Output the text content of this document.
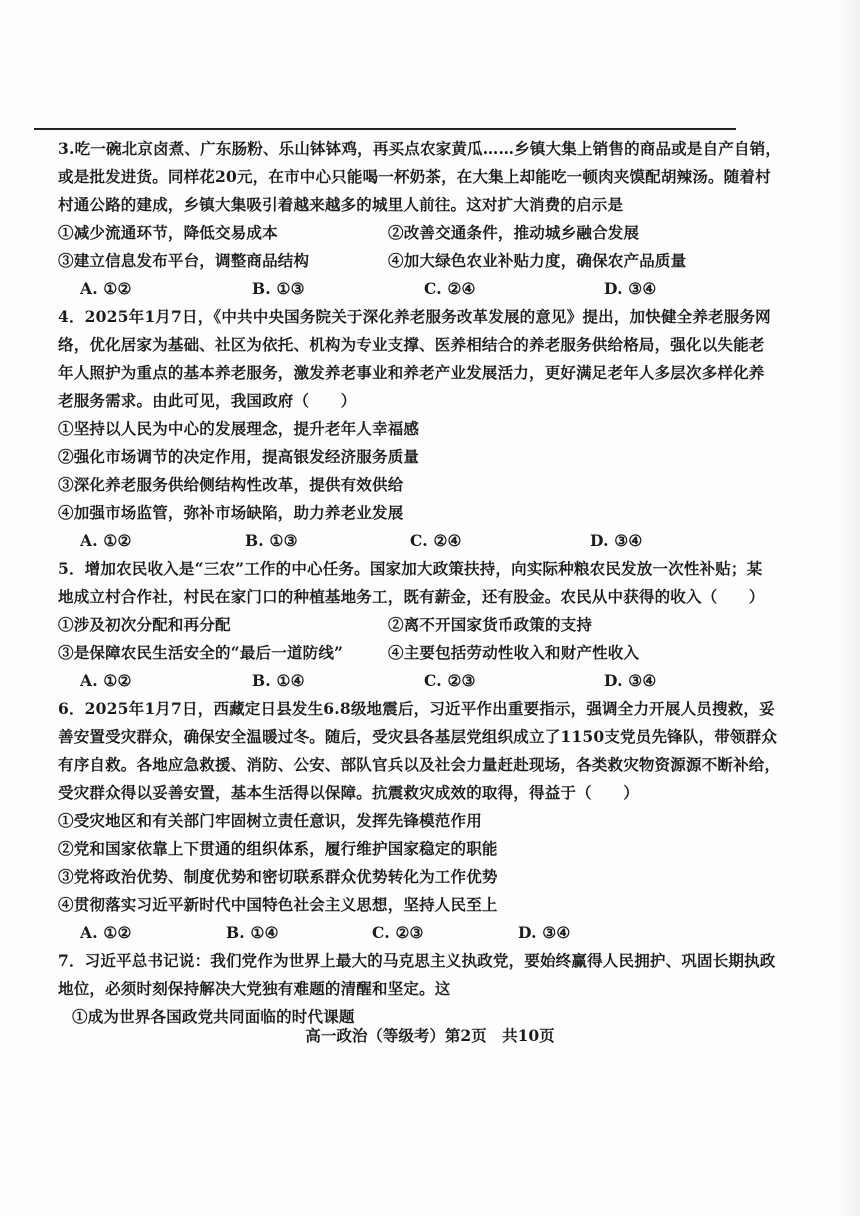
3.吃一碗北京卤煮、广东肠粉、乐山钵钵鸡，再买点农家黄瓜……乡镇大集上销售的商品或是自产自销，
或是批发进货。同样花20元，在市中心只能喝一杯奶茶，在大集上却能吃一顿肉夹馍配胡辣汤。随着村
村通公路的建成，乡镇大集吸引着越来越多的城里人前往。这对扩大消费的启示是
①减少流通环节，降低交易成本	②改善交通条件，推动城乡融合发展
③建立信息发布平台，调整商品结构	④加大绿色农业补贴力度，确保农产品质量
A. ①②	B. ①③	C. ②④	D. ③④
4．2025年1月7日，《中共中央国务院关于深化养老服务改革发展的意见》提出，加快健全养老服务网
络，优化居家为基础、社区为依托、机构为专业支撑、医养相结合的养老服务供给格局，强化以失能老
年人照护为重点的基本养老服务，激发养老事业和养老产业发展活力，更好满足老年人多层次多样化养
老服务需求。由此可见，我国政府（　　）
①坚持以人民为中心的发展理念，提升老年人幸福感
②强化市场调节的决定作用，提高银发经济服务质量
③深化养老服务供给侧结构性改革，提供有效供给
④加强市场监管，弥补市场缺陷，助力养老业发展
A. ①②	B. ①③	C. ②④	D. ③④
5．增加农民收入是“三农”工作的中心任务。国家加大政策扶持，向实际种粮农民发放一次性补贴；某
地成立村合作社，村民在家门口的种植基地务工，既有薪金，还有股金。农民从中获得的收入（　　）
①涉及初次分配和再分配	②离不开国家货币政策的支持
③是保障农民生活安全的“最后一道防线”	④主要包括劳动性收入和财产性收入
A. ①②	B. ①④	C. ②③	D. ③④
6．2025年1月7日，西藏定日县发生6.8级地震后，习近平作出重要指示，强调全力开展人员搜救，妥
善安置受灾群众，确保安全温暖过冬。随后，受灾县各基层党组织成立了1150支党员先锋队，带领群众
有序自救。各地应急救援、消防、公安、部队官兵以及社会力量赶赴现场，各类救灾物资源源不断补给，
受灾群众得以妥善安置，基本生活得以保障。抗震救灾成效的取得，得益于（　　）
①受灾地区和有关部门牢固树立责任意识，发挥先锋模范作用
②党和国家依靠上下贯通的组织体系，履行维护国家稳定的职能
③党将政治优势、制度优势和密切联系群众优势转化为工作优势
④贯彻落实习近平新时代中国特色社会主义思想，坚持人民至上
A. ①②	B. ①④	C. ②③	D. ③④
7．习近平总书记说：我们党作为世界上最大的马克思主义执政党，要始终赢得人民拥护、巩固长期执政
地位，必须时刻保持解决大党独有难题的清醒和坚定。这
①成为世界各国政党共同面临的时代课题
高一政治（等级考）第2页　共10页
